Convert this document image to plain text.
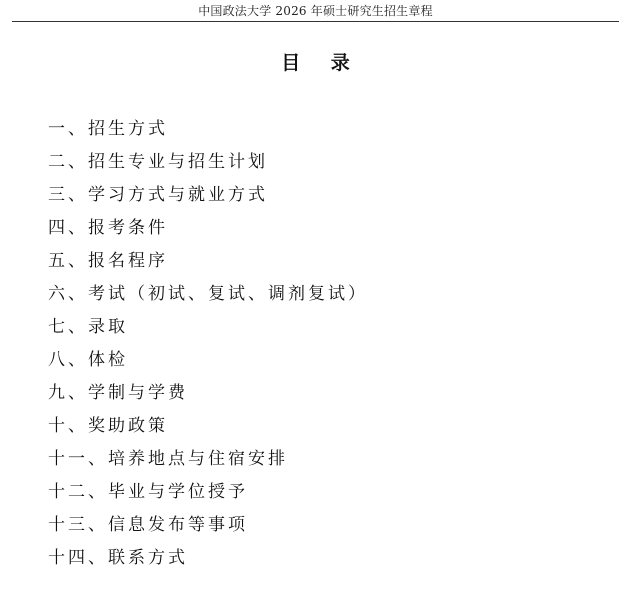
中国政法大学 2026 年硕士研究生招生章程
目 录
一、招生方式
二、招生专业与招生计划
三、学习方式与就业方式
四、报考条件
五、报名程序
六、考试（初试、复试、调剂复试）
七、录取
八、体检
九、学制与学费
十、奖助政策
十一、培养地点与住宿安排
十二、毕业与学位授予
十三、信息发布等事项
十四、联系方式
